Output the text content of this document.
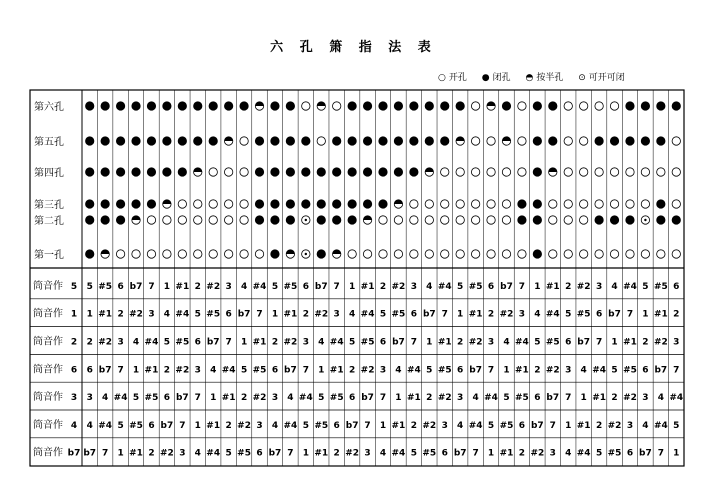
六 孔 箫 指 法 表
○ 开孔 ● 闭孔 ◓ 按半孔 ⊙ 可开可闭
第六孔
第五孔
第四孔
第三孔
第二孔
第一孔
筒音作 5 5 #5 6 b7 7 1 #1 2 #2 3 4 #4 5 #5 6 b7 7 1 #1 2 #2 3 4 #4 5 #5 6 b7 7 1 #1 2 #2 3 4 #4 5 #5 6
筒音作 1 1 #1 2 #2 3 4 #4 5 #5 6 b7 7 1 #1 2 #2 3 4 #4 5 #5 6 b7 7 1 #1 2 #2 3 4 #4 5 #5 6 b7 7 1 #1 2
筒音作 2 2 #2 3 4 #4 5 #5 6 b7 7 1 #1 2 #2 3 4 #4 5 #5 6 b7 7 1 #1 2 #2 3 4 #4 5 #5 6 b7 7 1 #1 2 #2 3
筒音作 6 6 b7 7 1 #1 2 #2 3 4 #4 5 #5 6 b7 7 1 #1 2 #2 3 4 #4 5 #5 6 b7 7 1 #1 2 #2 3 4 #4 5 #5 6 b7 7
筒音作 3 3 4 #4 5 #5 6 b7 7 1 #1 2 #2 3 4 #4 5 #5 6 b7 7 1 #1 2 #2 3 4 #4 5 #5 6 b7 7 1 #1 2 #2 3 4 #4
筒音作 4 4 #4 5 #5 6 b7 7 1 #1 2 #2 3 4 #4 5 #5 6 b7 7 1 #1 2 #2 3 4 #4 5 #5 6 b7 7 1 #1 2 #2 3 4 #4 5
筒音作 b7 b7 7 1 #1 2 #2 3 4 #4 5 #5 6 b7 7 1 #1 2 #2 3 4 #4 5 #5 6 b7 7 1 #1 2 #2 3 4 #4 5 #5 6 b7 7 1
